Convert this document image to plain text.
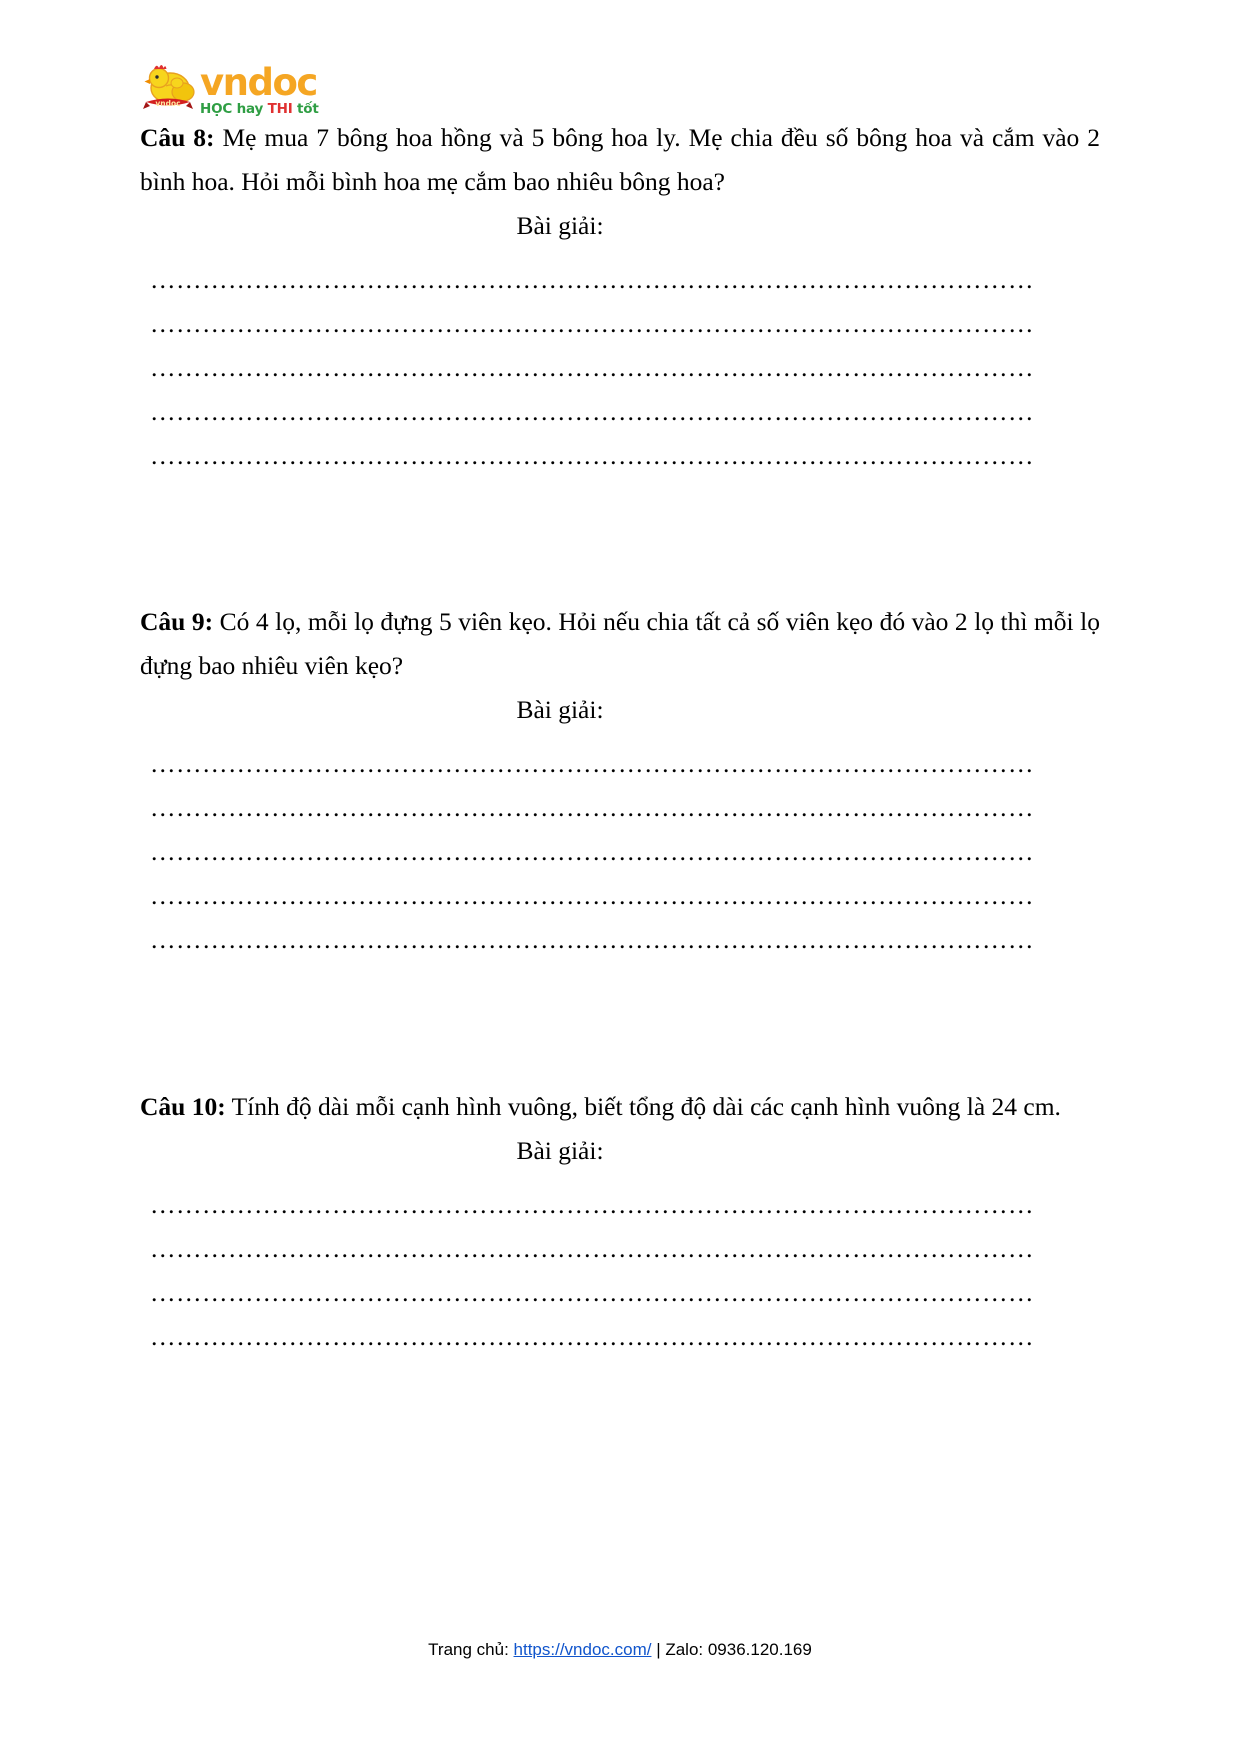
vndoc vndoc
HỌC hay THI tốt

Câu 8: Mẹ mua 7 bông hoa hồng và 5 bông hoa ly. Mẹ chia đều số bông hoa và cắm vào 2 bình hoa. Hỏi mỗi bình hoa mẹ cắm bao nhiêu bông hoa?

Bài giải:

…………………………………………………………………………………………
…………………………………………………………………………………………
…………………………………………………………………………………………
…………………………………………………………………………………………
…………………………………………………………………………………………

Câu 9: Có 4 lọ, mỗi lọ đựng 5 viên kẹo. Hỏi nếu chia tất cả số viên kẹo đó vào 2 lọ thì mỗi lọ đựng bao nhiêu viên kẹo?

Bài giải:

…………………………………………………………………………………………
…………………………………………………………………………………………
…………………………………………………………………………………………
…………………………………………………………………………………………
…………………………………………………………………………………………

Câu 10: Tính độ dài mỗi cạnh hình vuông, biết tổng độ dài các cạnh hình vuông là 24 cm.

Bài giải:

…………………………………………………………………………………………
…………………………………………………………………………………………
…………………………………………………………………………………………
…………………………………………………………………………………………
Trang chủ: https://vndoc.com/ | Zalo: 0936.120.169
